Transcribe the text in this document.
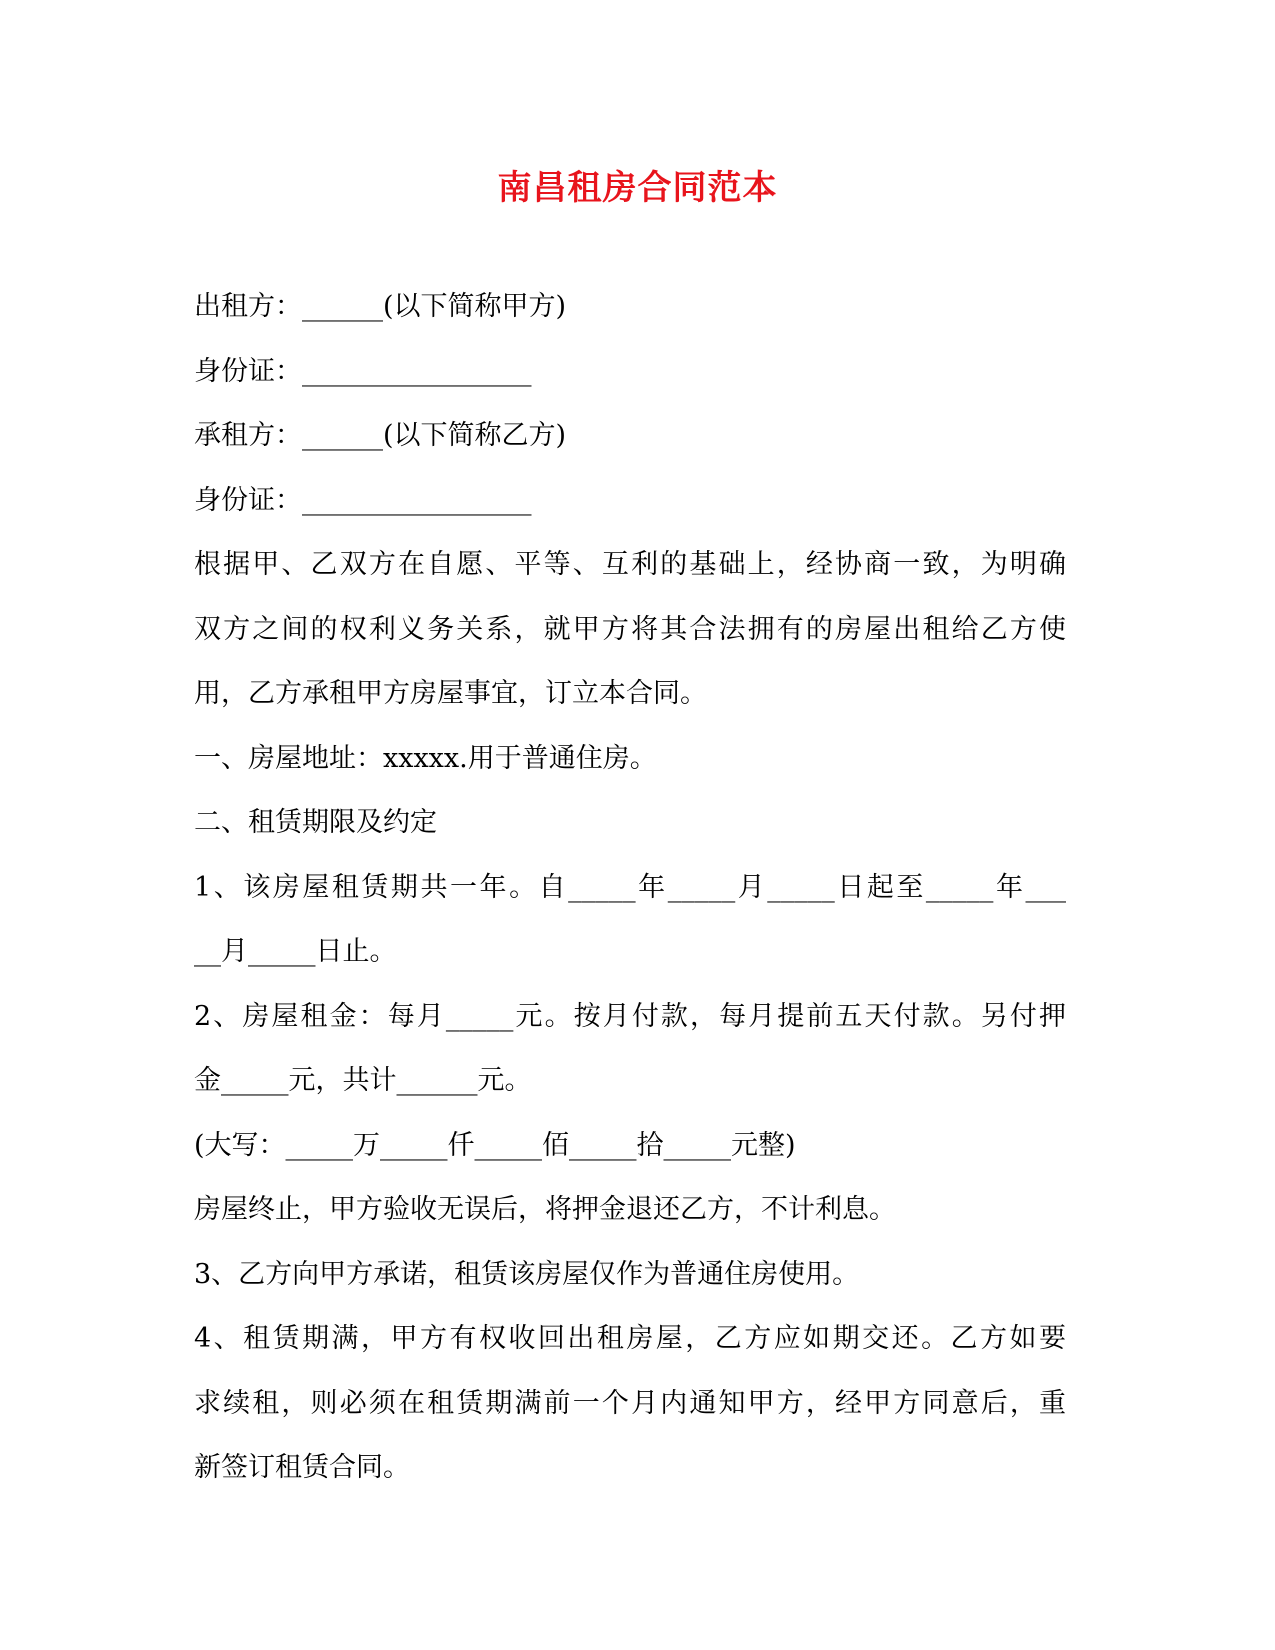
南昌租房合同范本
出租方：______(以下简称甲方)
身份证：_________________
承租方：______(以下简称乙方)
身份证：_________________
根据甲、乙双方在自愿、平等、互利的基础上，经协商一致，为明确
双方之间的权利义务关系，就甲方将其合法拥有的房屋出租给乙方使
用，乙方承租甲方房屋事宜，订立本合同。
一、房屋地址：xxxxx.用于普通住房。
二、租赁期限及约定
1、该房屋租赁期共一年。自_____年_____月_____日起至_____年___
__月_____日止。
2、房屋租金：每月_____元。按月付款，每月提前五天付款。另付押
金_____元，共计______元。
(大写：_____万_____仟_____佰_____拾_____元整)
房屋终止，甲方验收无误后，将押金退还乙方，不计利息。
3、乙方向甲方承诺，租赁该房屋仅作为普通住房使用。
4、租赁期满，甲方有权收回出租房屋，乙方应如期交还。乙方如要
求续租，则必须在租赁期满前一个月内通知甲方，经甲方同意后，重
新签订租赁合同。
